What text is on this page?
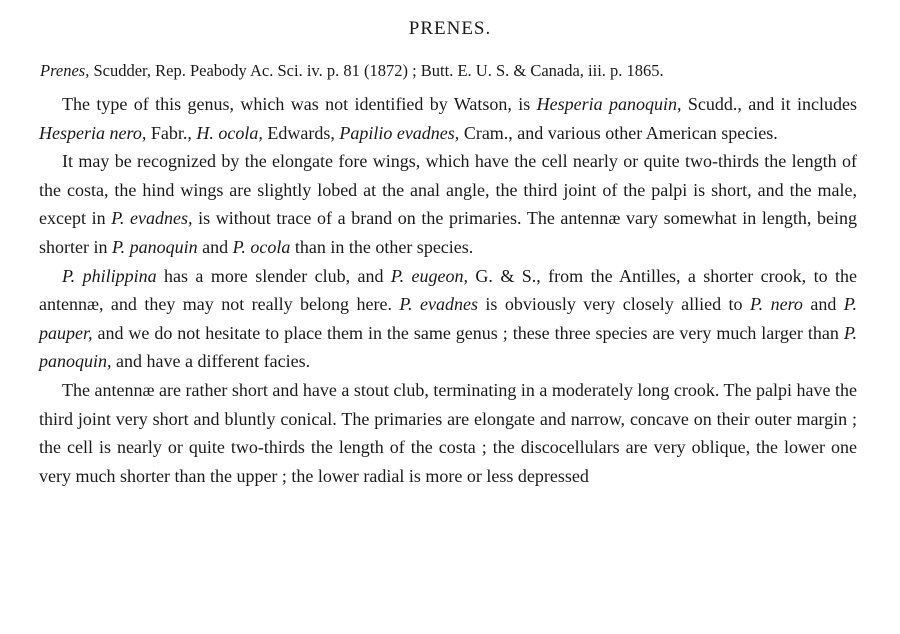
PRENES.
Prenes, Scudder, Rep. Peabody Ac. Sci. iv. p. 81 (1872) ; Butt. E. U. S. & Canada, iii. p. 1865.

The type of this genus, which was not identified by Watson, is Hesperia panoquin, Scudd., and it includes Hesperia nero, Fabr., H. ocola, Edwards, Papilio evadnes, Cram., and various other American species.

It may be recognized by the elongate fore wings, which have the cell nearly or quite two-thirds the length of the costa, the hind wings are slightly lobed at the anal angle, the third joint of the palpi is short, and the male, except in P. evadnes, is without trace of a brand on the primaries. The antennæ vary somewhat in length, being shorter in P. panoquin and P. ocola than in the other species.

P. philippina has a more slender club, and P. eugeon, G. & S., from the Antilles, a shorter crook, to the antennæ, and they may not really belong here. P. evadnes is obviously very closely allied to P. nero and P. pauper, and we do not hesitate to place them in the same genus ; these three species are very much larger than P. panoquin, and have a different facies.

The antennæ are rather short and have a stout club, terminating in a moderately long crook. The palpi have the third joint very short and bluntly conical. The primaries are elongate and narrow, concave on their outer margin ; the cell is nearly or quite two-thirds the length of the costa ; the discocellulars are very oblique, the lower one very much shorter than the upper ; the lower radial is more or less depressed
